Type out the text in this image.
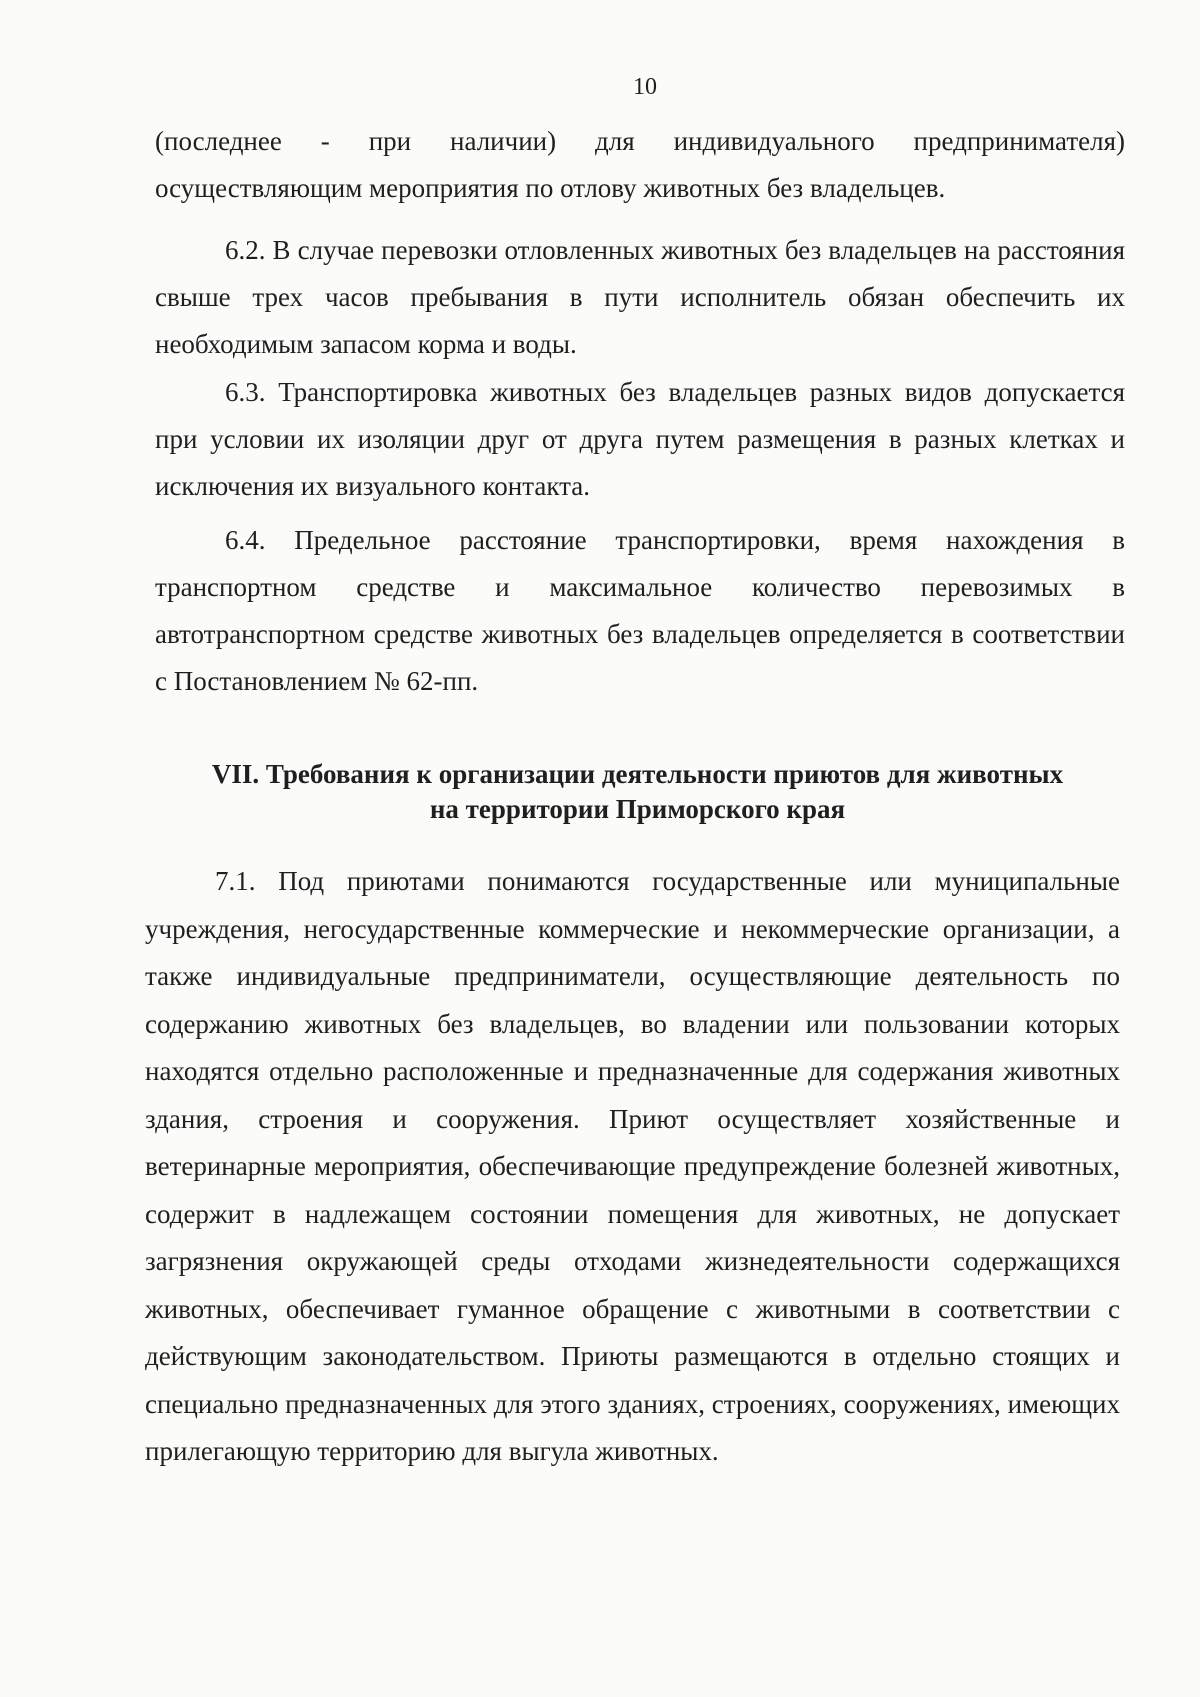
10

(последнее - при наличии) для индивидуального предпринимателя) осуществляющим мероприятия по отлову животных без владельцев.

6.2. В случае перевозки отловленных животных без владельцев на расстояния свыше трех часов пребывания в пути исполнитель обязан обеспечить их необходимым запасом корма и воды.

6.3. Транспортировка животных без владельцев разных видов допускается при условии их изоляции друг от друга путем размещения в разных клетках и исключения их визуального контакта.

6.4. Предельное расстояние транспортировки, время нахождения в транспортном средстве и максимальное количество перевозимых в автотранспортном средстве животных без владельцев определяется в соответствии с Постановлением № 62-пп.

VII. Требования к организации деятельности приютов для животных
на территории Приморского края

7.1. Под приютами понимаются государственные или муниципальные учреждения, негосударственные коммерческие и некоммерческие организации, а также индивидуальные предприниматели, осуществляющие деятельность по содержанию животных без владельцев, во владении или пользовании которых находятся отдельно расположенные и предназначенные для содержания животных здания, строения и сооружения. Приют осуществляет хозяйственные и ветеринарные мероприятия, обеспечивающие предупреждение болезней животных, содержит в надлежащем состоянии помещения для животных, не допускает загрязнения окружающей среды отходами жизнедеятельности содержащихся животных, обеспечивает гуманное обращение с животными в соответствии с действующим законодательством. Приюты размещаются в отдельно стоящих и специально предназначенных для этого зданиях, строениях, сооружениях, имеющих прилегающую территорию для выгула животных.
